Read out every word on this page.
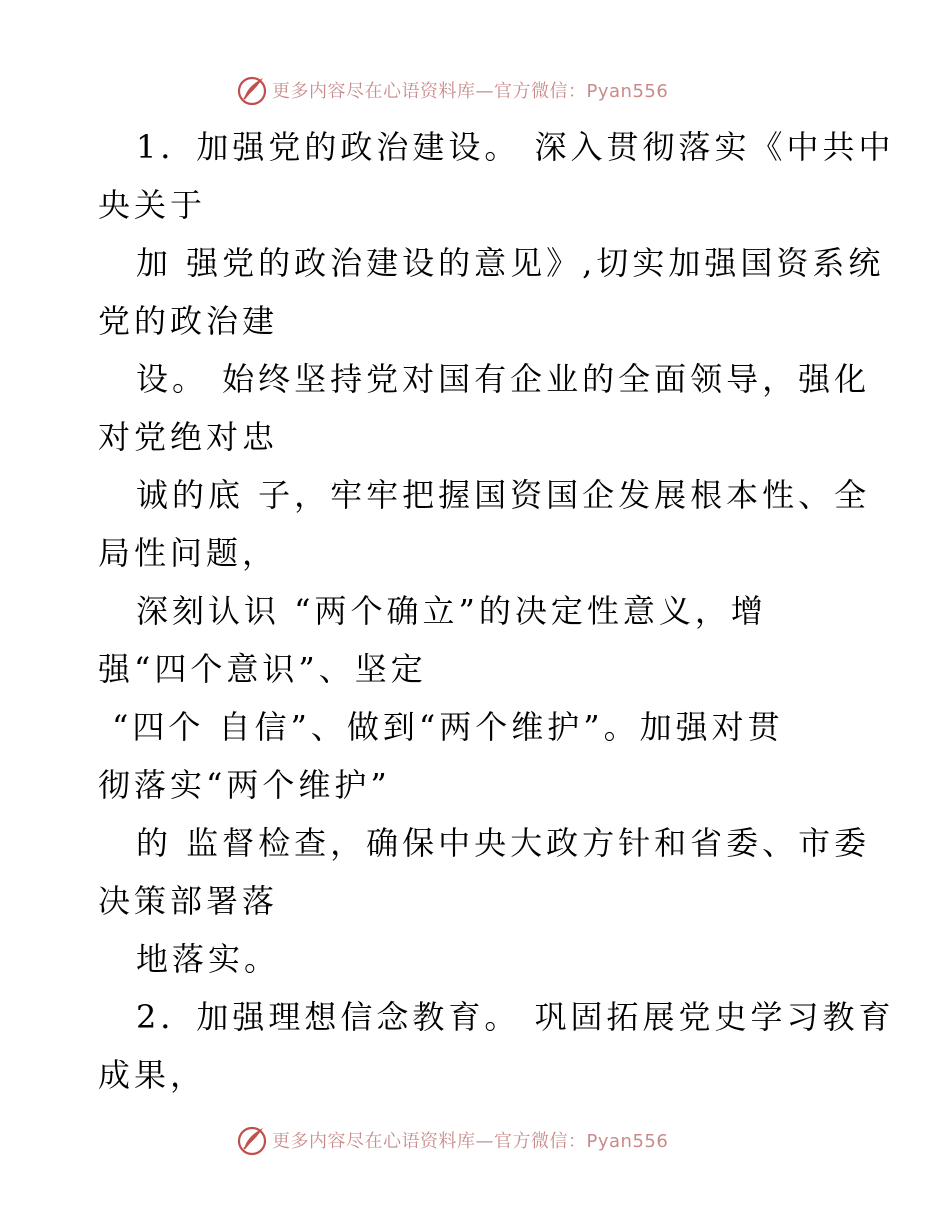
更多内容尽在心语资料库—官方微信：Pyan556
1．加强党的政治建设。 深入贯彻落实《中共中
央关于
加 强党的政治建设的意见》,切实加强国资系统
党的政治建
设。 始终坚持党对国有企业的全面领导，强化
对党绝对忠
诚的底 子，牢牢把握国资国企发展根本性、全
局性问题，
深刻认识 “两个确立”的决定性意义，增
强“四个意识”、坚定
“四个 自信”、做到“两个维护”。加强对贯
彻落实“两个维护”
的 监督检查，确保中央大政方针和省委、市委
决策部署落
地落实。
2．加强理想信念教育。 巩固拓展党史学习教育
成果，
更多内容尽在心语资料库—官方微信：Pyan556
